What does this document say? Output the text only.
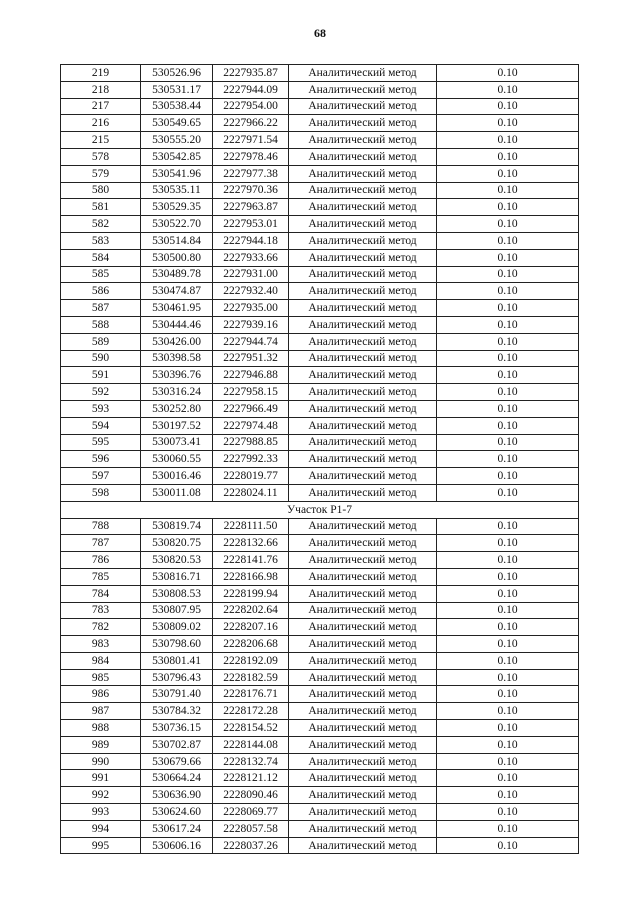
68
219	530526.96	2227935.87	Аналитический метод	0.10
218	530531.17	2227944.09	Аналитический метод	0.10
217	530538.44	2227954.00	Аналитический метод	0.10
216	530549.65	2227966.22	Аналитический метод	0.10
215	530555.20	2227971.54	Аналитический метод	0.10
578	530542.85	2227978.46	Аналитический метод	0.10
579	530541.96	2227977.38	Аналитический метод	0.10
580	530535.11	2227970.36	Аналитический метод	0.10
581	530529.35	2227963.87	Аналитический метод	0.10
582	530522.70	2227953.01	Аналитический метод	0.10
583	530514.84	2227944.18	Аналитический метод	0.10
584	530500.80	2227933.66	Аналитический метод	0.10
585	530489.78	2227931.00	Аналитический метод	0.10
586	530474.87	2227932.40	Аналитический метод	0.10
587	530461.95	2227935.00	Аналитический метод	0.10
588	530444.46	2227939.16	Аналитический метод	0.10
589	530426.00	2227944.74	Аналитический метод	0.10
590	530398.58	2227951.32	Аналитический метод	0.10
591	530396.76	2227946.88	Аналитический метод	0.10
592	530316.24	2227958.15	Аналитический метод	0.10
593	530252.80	2227966.49	Аналитический метод	0.10
594	530197.52	2227974.48	Аналитический метод	0.10
595	530073.41	2227988.85	Аналитический метод	0.10
596	530060.55	2227992.33	Аналитический метод	0.10
597	530016.46	2228019.77	Аналитический метод	0.10
598	530011.08	2228024.11	Аналитический метод	0.10
Участок Р1-7				
788	530819.74	2228111.50	Аналитический метод	0.10
787	530820.75	2228132.66	Аналитический метод	0.10
786	530820.53	2228141.76	Аналитический метод	0.10
785	530816.71	2228166.98	Аналитический метод	0.10
784	530808.53	2228199.94	Аналитический метод	0.10
783	530807.95	2228202.64	Аналитический метод	0.10
782	530809.02	2228207.16	Аналитический метод	0.10
983	530798.60	2228206.68	Аналитический метод	0.10
984	530801.41	2228192.09	Аналитический метод	0.10
985	530796.43	2228182.59	Аналитический метод	0.10
986	530791.40	2228176.71	Аналитический метод	0.10
987	530784.32	2228172.28	Аналитический метод	0.10
988	530736.15	2228154.52	Аналитический метод	0.10
989	530702.87	2228144.08	Аналитический метод	0.10
990	530679.66	2228132.74	Аналитический метод	0.10
991	530664.24	2228121.12	Аналитический метод	0.10
992	530636.90	2228090.46	Аналитический метод	0.10
993	530624.60	2228069.77	Аналитический метод	0.10
994	530617.24	2228057.58	Аналитический метод	0.10
995	530606.16	2228037.26	Аналитический метод	0.10
